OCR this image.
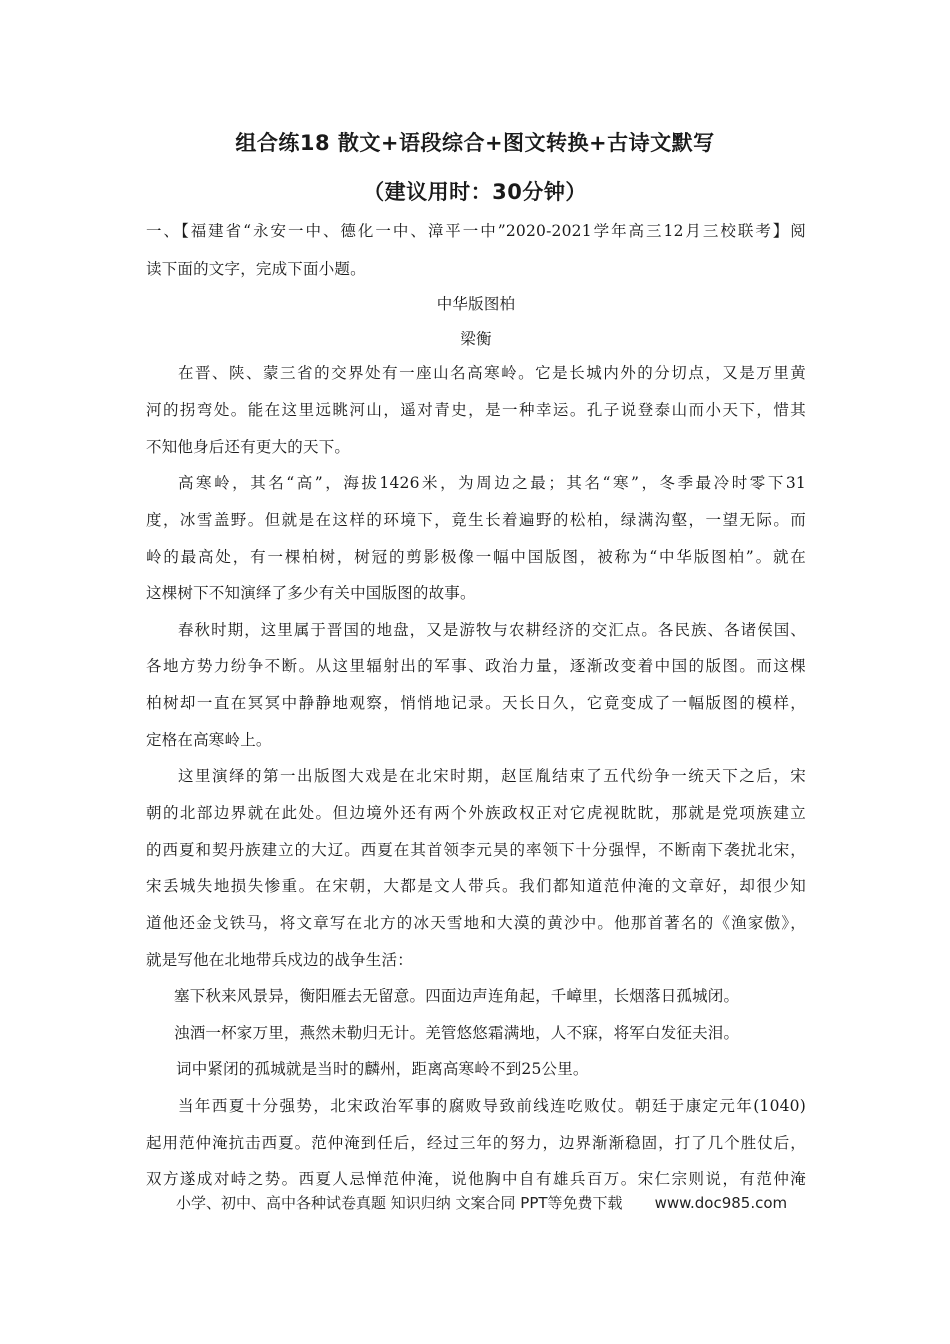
组合练18 散文+语段综合+图文转换+古诗文默写
（建议用时：30分钟）
一、【福建省“永安一中、德化一中、漳平一中”2020-2021学年高三12月三校联考】阅
读下面的文字，完成下面小题。
中华版图柏
梁衡
在晋、陕、蒙三省的交界处有一座山名高寒岭。它是长城内外的分切点，又是万里黄
河的拐弯处。能在这里远眺河山，遥对青史，是一种幸运。孔子说登泰山而小天下，惜其
不知他身后还有更大的天下。
高寒岭，其名“高”，海拔1426米，为周边之最；其名“寒”，冬季最冷时零下31
度，冰雪盖野。但就是在这样的环境下，竟生长着遍野的松柏，绿满沟壑，一望无际。而
岭的最高处，有一棵柏树，树冠的剪影极像一幅中国版图，被称为“中华版图柏”。就在
这棵树下不知演绎了多少有关中国版图的故事。
春秋时期，这里属于晋国的地盘，又是游牧与农耕经济的交汇点。各民族、各诸侯国、
各地方势力纷争不断。从这里辐射出的军事、政治力量，逐渐改变着中国的版图。而这棵
柏树却一直在冥冥中静静地观察，悄悄地记录。天长日久，它竟变成了一幅版图的模样，
定格在高寒岭上。
这里演绎的第一出版图大戏是在北宋时期，赵匡胤结束了五代纷争一统天下之后，宋
朝的北部边界就在此处。但边境外还有两个外族政权正对它虎视眈眈，那就是党项族建立
的西夏和契丹族建立的大辽。西夏在其首领李元昊的率领下十分强悍，不断南下袭扰北宋，
宋丢城失地损失惨重。在宋朝，大都是文人带兵。我们都知道范仲淹的文章好，却很少知
道他还金戈铁马，将文章写在北方的冰天雪地和大漠的黄沙中。他那首著名的《渔家傲》，
就是写他在北地带兵戍边的战争生活：
塞下秋来风景异，衡阳雁去无留意。四面边声连角起，千嶂里，长烟落日孤城闭。
浊酒一杯家万里，燕然未勒归无计。羌管悠悠霜满地，人不寐，将军白发征夫泪。
词中紧闭的孤城就是当时的麟州，距离高寒岭不到25公里。
当年西夏十分强势，北宋政治军事的腐败导致前线连吃败仗。朝廷于康定元年(1040)
起用范仲淹抗击西夏。范仲淹到任后，经过三年的努力，边界渐渐稳固，打了几个胜仗后，
双方遂成对峙之势。西夏人忌惮范仲淹，说他胸中自有雄兵百万。宋仁宗则说，有范仲淹
小学、初中、高中各种试卷真题 知识归纳 文案合同 PPT等免费下载 www.doc985.com
